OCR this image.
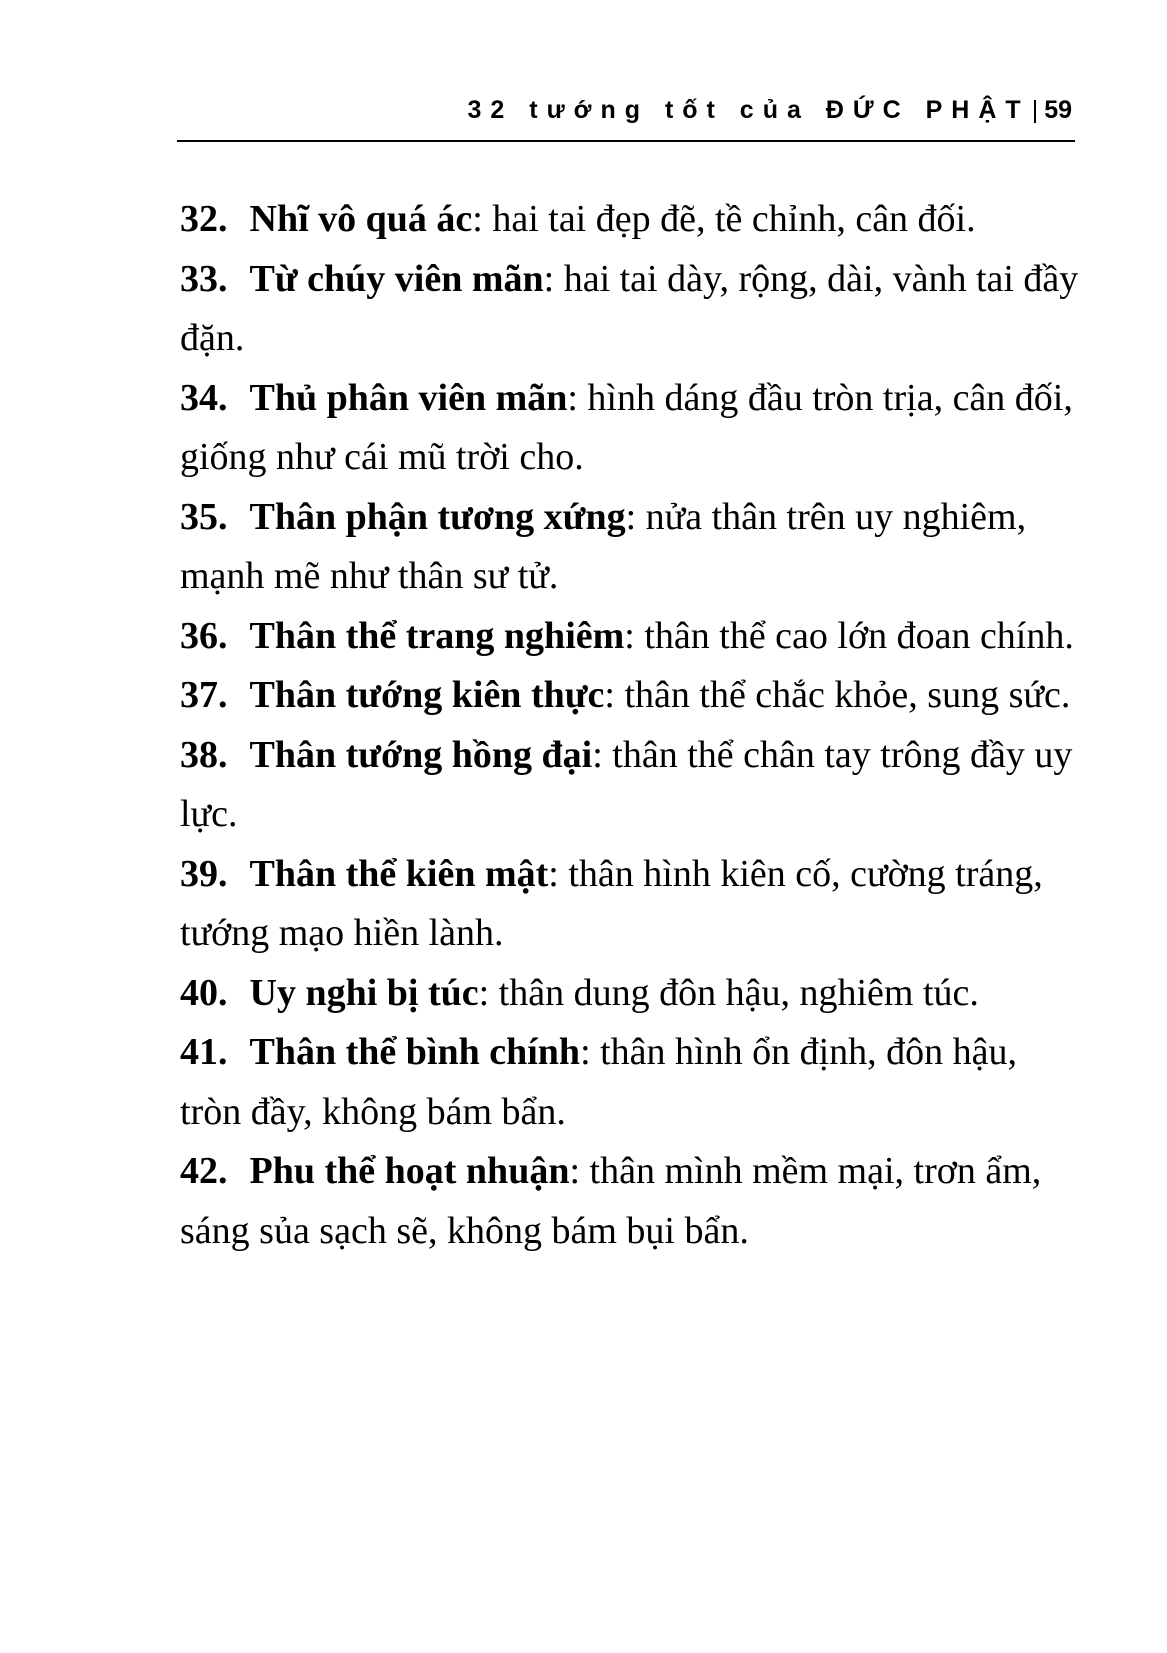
32 tướng tốt của ĐỨC PHẬT | 59

32. Nhĩ vô quá ác: hai tai đẹp đẽ, tề chỉnh, cân đối.

33. Từ chúy viên mãn: hai tai dày, rộng, dài, vành tai đầy đặn.

34. Thủ phân viên mãn: hình dáng đầu tròn trịa, cân đối, giống như cái mũ trời cho.

35. Thân phận tương xứng: nửa thân trên uy nghiêm, mạnh mẽ như thân sư tử.

36. Thân thể trang nghiêm: thân thể cao lớn đoan chính.

37. Thân tướng kiên thực: thân thể chắc khỏe, sung sức.

38. Thân tướng hồng đại: thân thể chân tay trông đầy uy lực.

39. Thân thể kiên mật: thân hình kiên cố, cường tráng, tướng mạo hiền lành.

40. Uy nghi bị túc: thân dung đôn hậu, nghiêm túc.

41. Thân thể bình chính: thân hình ổn định, đôn hậu, tròn đầy, không bám bẩn.

42. Phu thể hoạt nhuận: thân mình mềm mại, trơn ẩm, sáng sủa sạch sẽ, không bám bụi bẩn.
